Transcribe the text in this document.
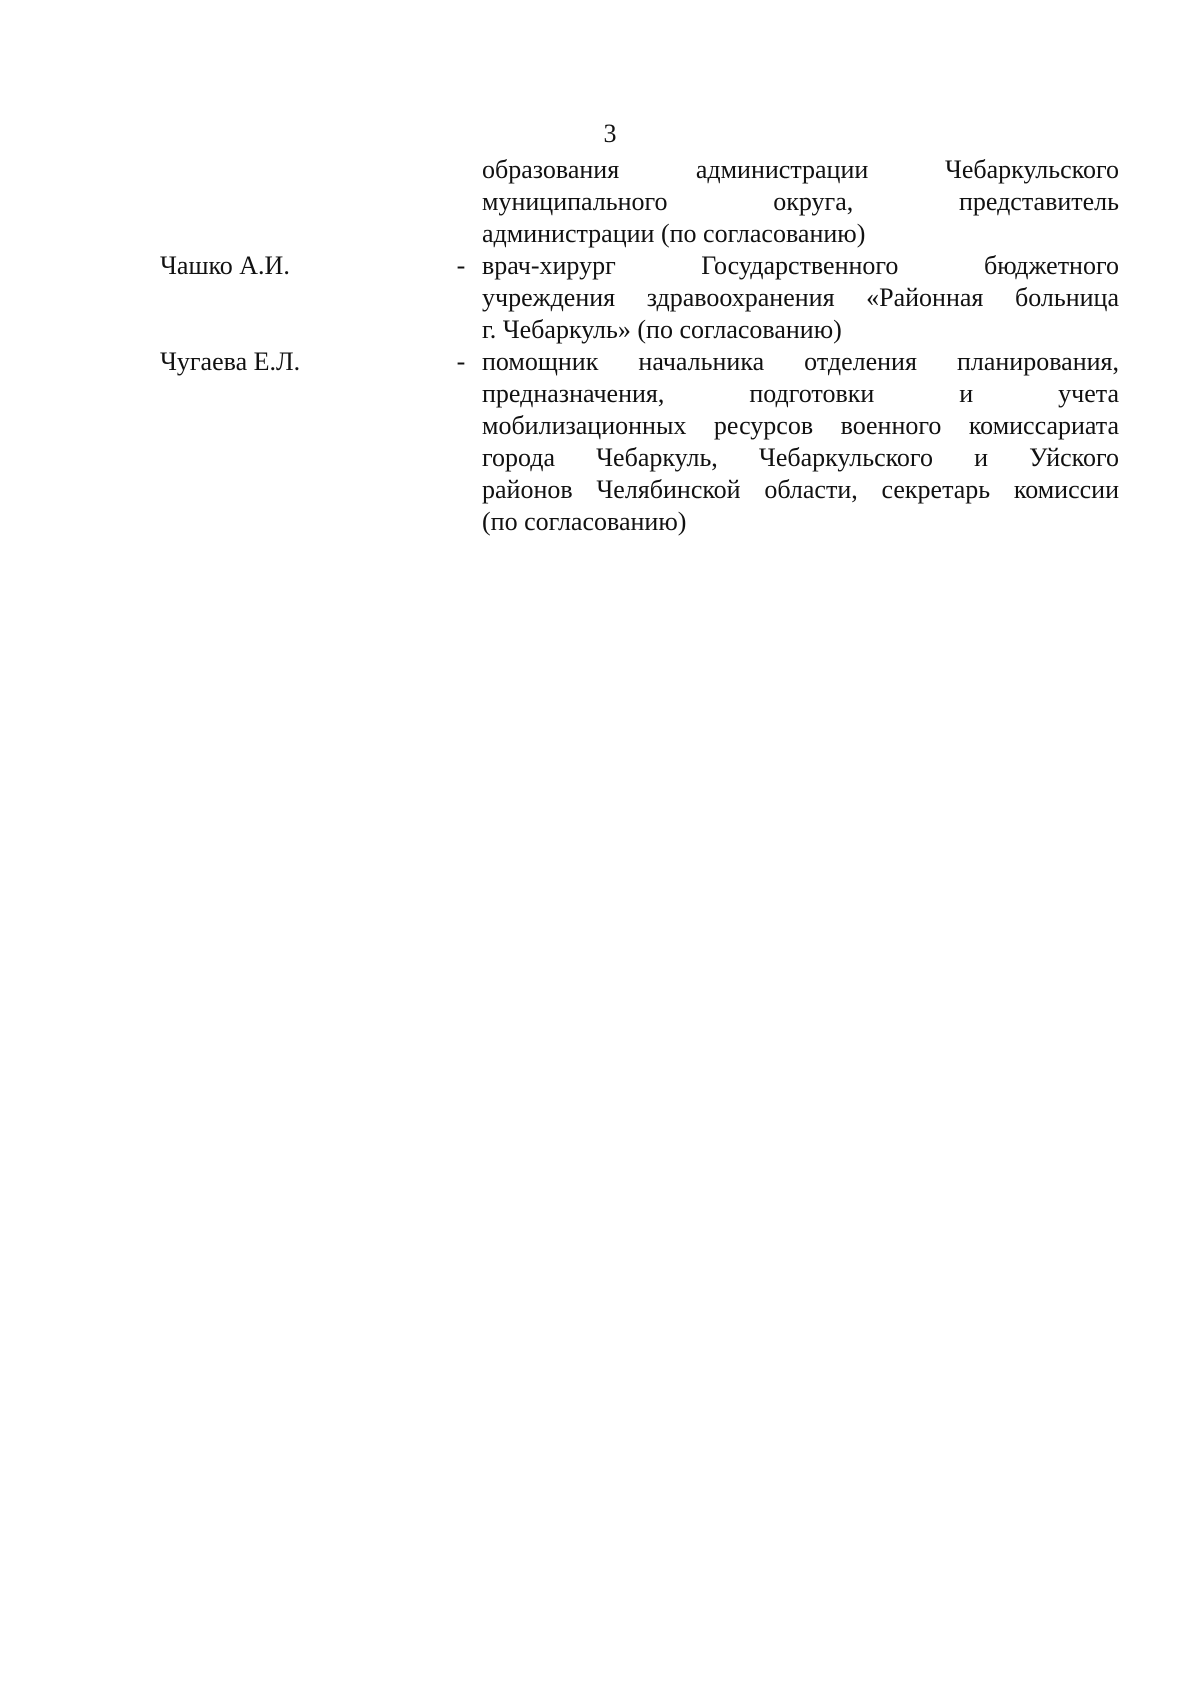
3
образования администрации Чебаркульского
муниципального округа, представитель
администрации (по согласованию)
Чашко А.И.	- врач-хирург Государственного бюджетного
учреждения здравоохранения «Районная больница
г. Чебаркуль» (по согласованию)
Чугаева Е.Л.	- помощник начальника отделения планирования,
предназначения, подготовки и учета
мобилизационных ресурсов военного комиссариата
города Чебаркуль, Чебаркульского и Уйского
районов Челябинской области, секретарь комиссии
(по согласованию)
